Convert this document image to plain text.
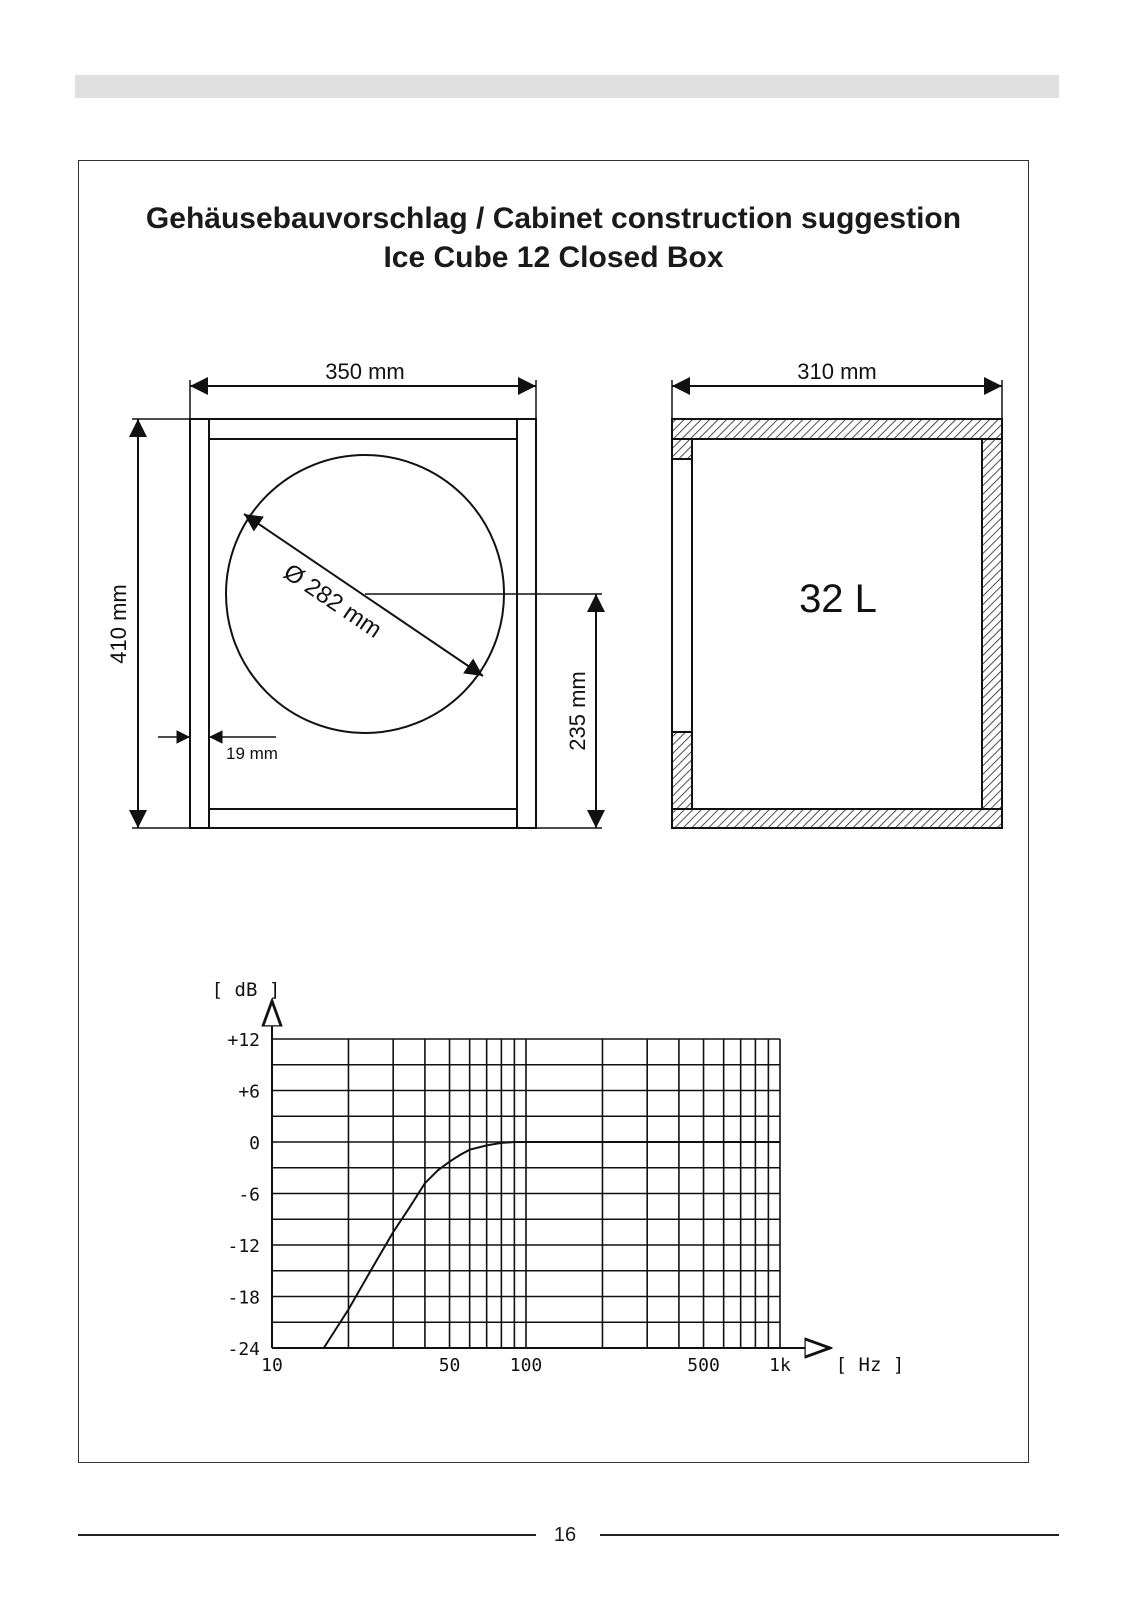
Gehäusebauvorschlag / Cabinet construction suggestion
Ice Cube 12 Closed Box
350 mm
410 mm	Ø 282 mm
235 mm
19 mm
310 mm
32 L
+12
+6
0
-6
-12
-18
-24
10	50	100	500	1k
[ dB ]
[ Hz ]
16
